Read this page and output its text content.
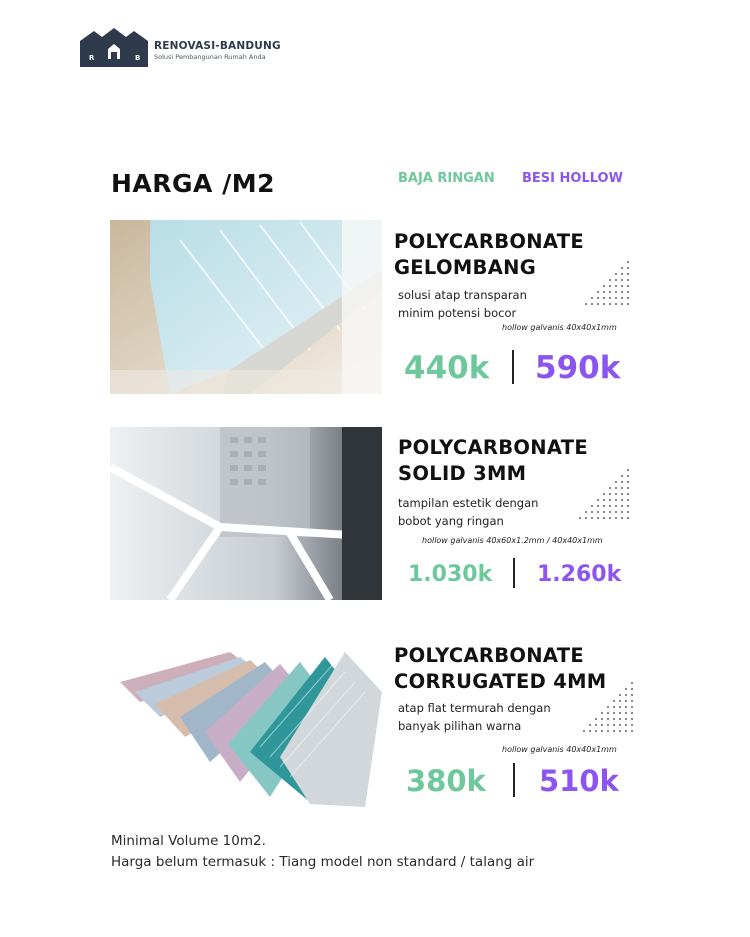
R	B
RENOVASI-BANDUNG
Solusi Pembangunan Rumah Anda
HARGA /M2	BAJA RINGAN BESI HOLLOW
POLYCARBONATE
GELOMBANG
solusi atap transparan
minim potensi bocor
hollow galvanis 40x40x1mm
440k 590k
POLYCARBONATE
SOLID 3MM
tampilan estetik dengan
bobot yang ringan
hollow galvanis 40x60x1.2mm / 40x40x1mm
1.030k 1.260k
POLYCARBONATE
CORRUGATED 4MM
atap flat termurah dengan
banyak pilihan warna
hollow galvanis 40x40x1mm
380k 510k
Minimal Volume 10m2.
Harga belum termasuk : Tiang model non standard / talang air
